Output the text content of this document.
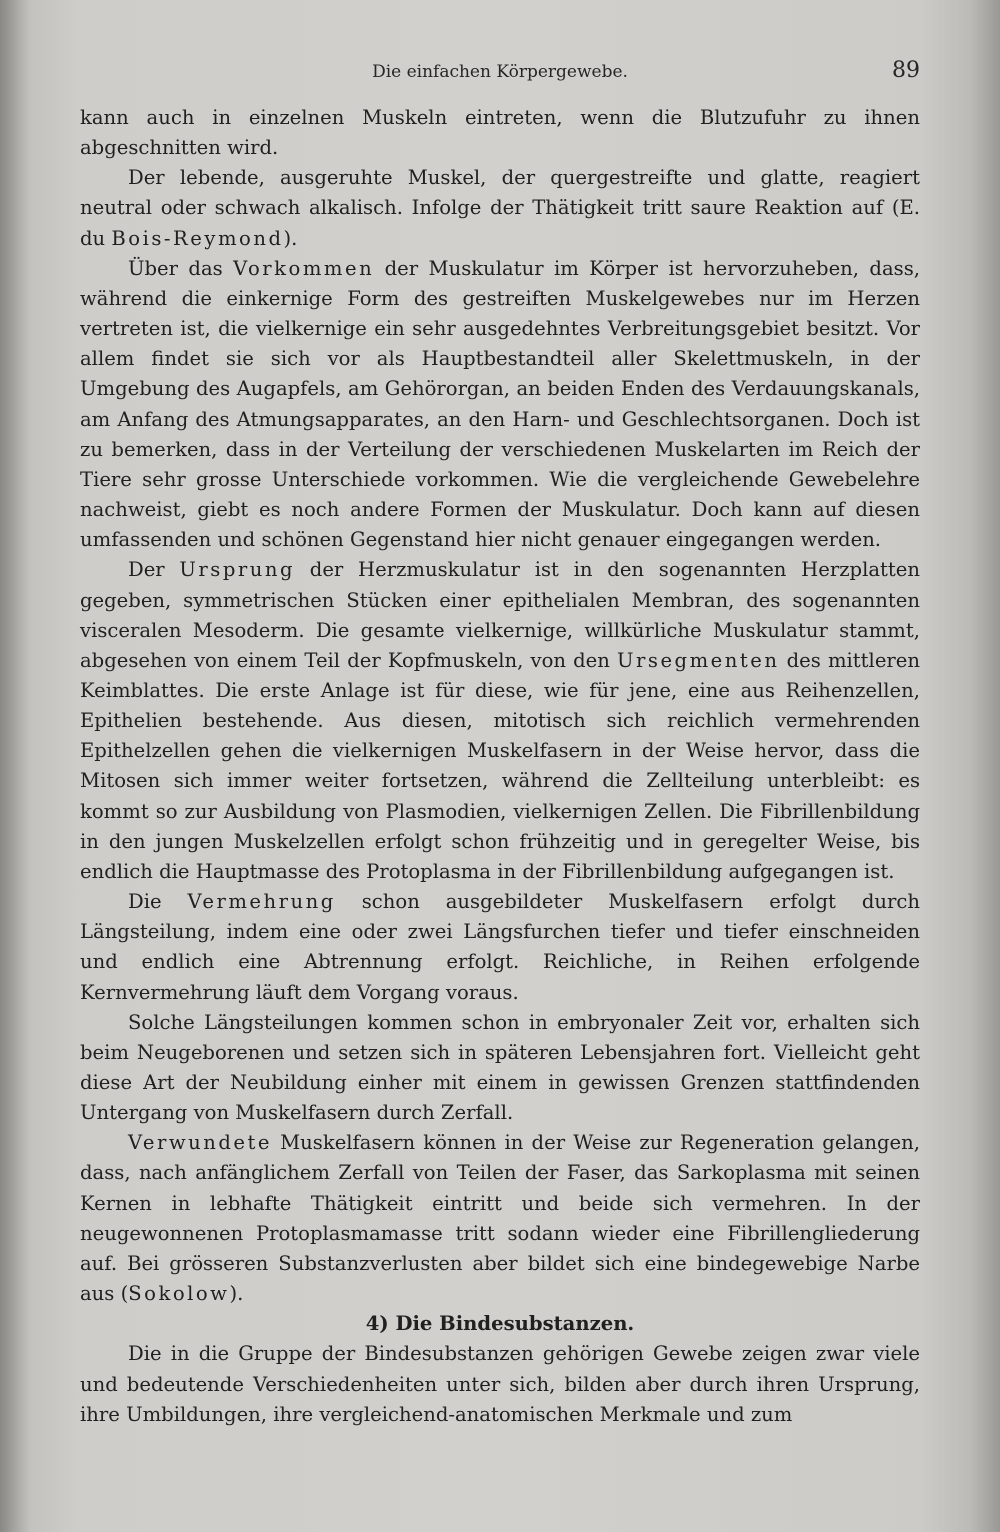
Die einfachen Körpergewebe.	89

kann auch in einzelnen Muskeln eintreten, wenn die Blutzufuhr zu ihnen abgeschnitten wird.

Der lebende, ausgeruhte Muskel, der quergestreifte und glatte, reagiert neutral oder schwach alkalisch. Infolge der Thätigkeit tritt saure Reaktion auf (E. du Bois-Reymond).

Über das Vorkommen der Muskulatur im Körper ist hervorzuheben, dass, während die einkernige Form des gestreiften Muskelgewebes nur im Herzen vertreten ist, die vielkernige ein sehr ausgedehntes Verbreitungsgebiet besitzt. Vor allem findet sie sich vor als Hauptbestandteil aller Skelettmuskeln, in der Umgebung des Augapfels, am Gehörorgan, an beiden Enden des Verdauungskanals, am Anfang des Atmungsapparates, an den Harn- und Geschlechtsorganen. Doch ist zu bemerken, dass in der Verteilung der verschiedenen Muskelarten im Reich der Tiere sehr grosse Unterschiede vorkommen. Wie die vergleichende Gewebelehre nachweist, giebt es noch andere Formen der Muskulatur. Doch kann auf diesen umfassenden und schönen Gegenstand hier nicht genauer eingegangen werden.

Der Ursprung der Herzmuskulatur ist in den sogenannten Herzplatten gegeben, symmetrischen Stücken einer epithelialen Membran, des sogenannten visceralen Mesoderm. Die gesamte vielkernige, willkürliche Muskulatur stammt, abgesehen von einem Teil der Kopfmuskeln, von den Ursegmenten des mittleren Keimblattes. Die erste Anlage ist für diese, wie für jene, eine aus Reihenzellen, Epithelien bestehende. Aus diesen, mitotisch sich reichlich vermehrenden Epithelzellen gehen die vielkernigen Muskelfasern in der Weise hervor, dass die Mitosen sich immer weiter fortsetzen, während die Zellteilung unterbleibt: es kommt so zur Ausbildung von Plasmodien, vielkernigen Zellen. Die Fibrillenbildung in den jungen Muskelzellen erfolgt schon frühzeitig und in geregelter Weise, bis endlich die Hauptmasse des Protoplasma in der Fibrillenbildung aufgegangen ist.

Die Vermehrung schon ausgebildeter Muskelfasern erfolgt durch Längsteilung, indem eine oder zwei Längsfurchen tiefer und tiefer einschneiden und endlich eine Abtrennung erfolgt. Reichliche, in Reihen erfolgende Kernvermehrung läuft dem Vorgang voraus.

Solche Längsteilungen kommen schon in embryonaler Zeit vor, erhalten sich beim Neugeborenen und setzen sich in späteren Lebensjahren fort. Vielleicht geht diese Art der Neubildung einher mit einem in gewissen Grenzen stattfindenden Untergang von Muskelfasern durch Zerfall.

Verwundete Muskelfasern können in der Weise zur Regeneration gelangen, dass, nach anfänglichem Zerfall von Teilen der Faser, das Sarkoplasma mit seinen Kernen in lebhafte Thätigkeit eintritt und beide sich vermehren. In der neugewonnenen Protoplasmamasse tritt sodann wieder eine Fibrillengliederung auf. Bei grösseren Substanzverlusten aber bildet sich eine bindegewebige Narbe aus (Sokolow).

4) Die Bindesubstanzen.

Die in die Gruppe der Bindesubstanzen gehörigen Gewebe zeigen zwar viele und bedeutende Verschiedenheiten unter sich, bilden aber durch ihren Ursprung, ihre Umbildungen, ihre vergleichend-anatomischen Merkmale und zum
